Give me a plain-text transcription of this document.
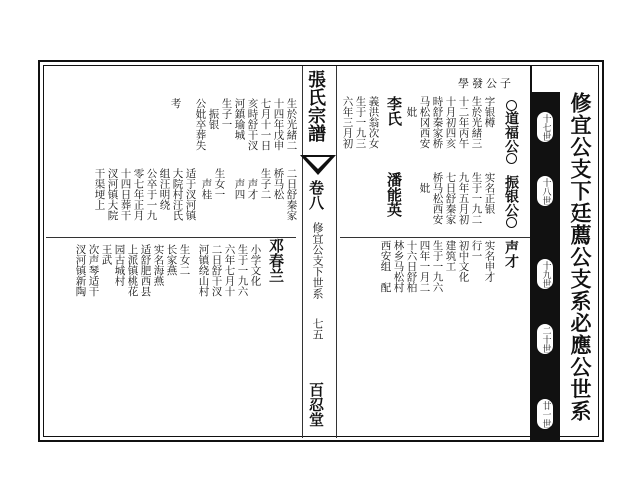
學發公子
修宜公支下廷薦公支系必應公世系
十七世
十八世
十九世
二十世
廿一世
張氏宗譜
卷八
修宜公支下世系
七五
百忍堂
道福公
振银公
声才
字银樽
生於光緒三
十二年丙午
十月初四亥
時舒秦家桥
马松冈西安
　妣
实名正银
生于一九二
九年五月初
七日舒秦家
桥马松西安
　妣
实名申才
行一
初中文化
建筑工
生于一九六
四年一月二
十六日舒柏
林乡马松村
西安组　配
李氏
義洪翁次女
生于一九三
六年三月初
潘能英
生於光緒二
十四年戊申
七月十一日
亥時舒干汊
河鎮瑜城
生子一
　振银
公妣卒葬失
考
二日舒秦家
桥马松
生子二
　声才
　声四
生女一
　声桂
适于汊河镇
大院村汪氏
组汪明绕
公卒于一九
零七年正月
十四日葬干
汊河镇大院
干渠埂上
邓春兰
小学文化
生于一九六
六年七月十
二日舒干汊
河镇绕山村
生女二
长家燕
实名海燕
适舒肥西县
上派镇桃花
园古城村
王武
次声琴适干
汊河镇新陶
